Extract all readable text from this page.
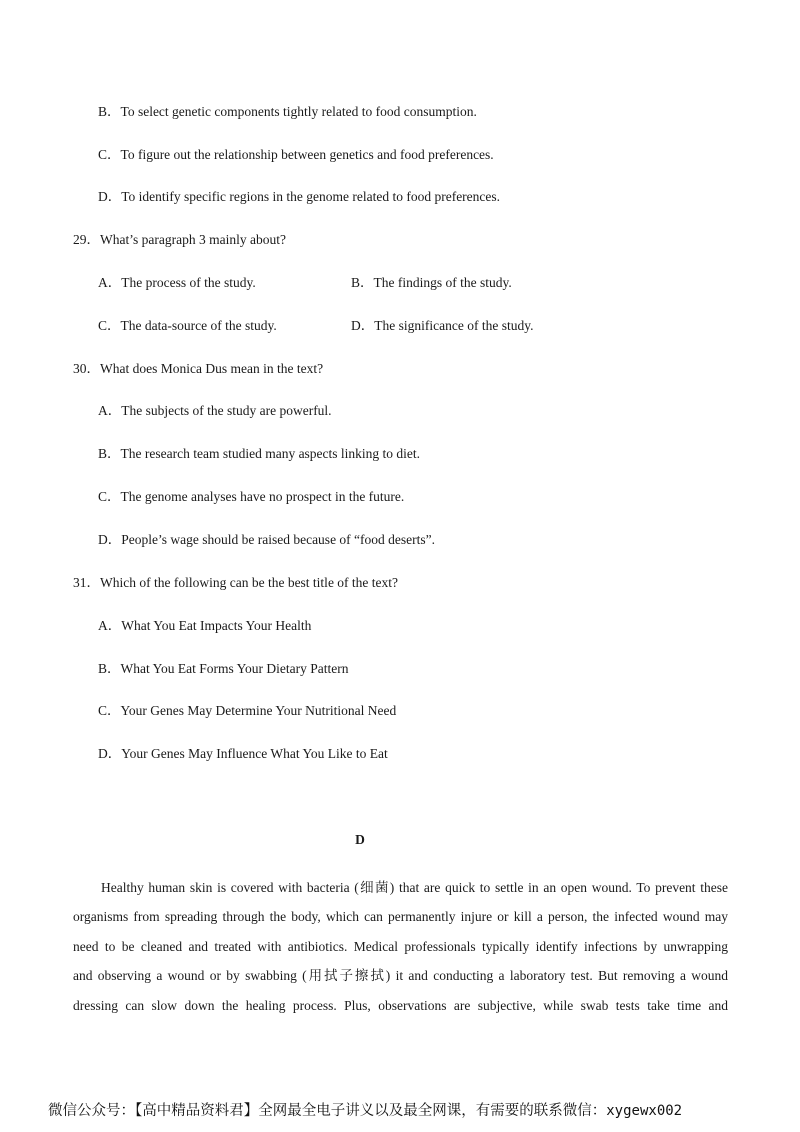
B．To select genetic components tightly related to food consumption.
C．To figure out the relationship between genetics and food preferences.
D．To identify specific regions in the genome related to food preferences.
29．What’s paragraph 3 mainly about?
A．The process of the study.	B．The findings of the study.
C．The data-source of the study.	D．The significance of the study.
30．What does Monica Dus mean in the text?
A．The subjects of the study are powerful.
B．The research team studied many aspects linking to diet.
C．The genome analyses have no prospect in the future.
D．People’s wage should be raised because of “food deserts”.
31．Which of the following can be the best title of the text?
A．What You Eat Impacts Your Health
B．What You Eat Forms Your Dietary Pattern
C．Your Genes May Determine Your Nutritional Need
D．Your Genes May Influence What You Like to Eat
D
Healthy human skin is covered with bacteria (细菌) that are quick to settle in an open wound. To prevent these
organisms from spreading through the body, which can permanently injure or kill a person, the infected wound may
need to be cleaned and treated with antibiotics. Medical professionals typically identify infections by unwrapping
and observing a wound or by swabbing (用拭子擦拭) it and conducting a laboratory test. But removing a wound
dressing can slow down the healing process. Plus, observations are subjective, while swab tests take time and
微信公众号：【高中精品资料君】全网最全电子讲义以及最全网课，有需要的联系微信：xygewx002
